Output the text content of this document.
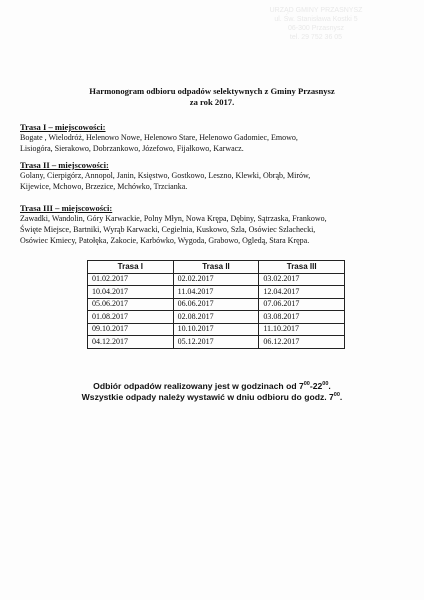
URZĄD GMINY PRZASNYSZ
ul. Św. Stanisława Kostki 5
06-300 Przasnysz
tel. 29 752 36 05
Harmonogram odbioru odpadów selektywnych z Gminy Przasnysz
za rok 2017.
Trasa I – miejscowości:
Bogate , Wielodróż, Helenowo Nowe, Helenowo Stare, Helenowo Gadomiec, Emowo,
Lisiogóra, Sierakowo, Dobrzankowo, Józefowo, Fijałkowo, Karwacz.
Trasa II – miejscowości:
Golany, Cierpigórz, Annopol, Janin, Księstwo, Gostkowo, Leszno, Klewki, Obrąb, Mirów,
Kijewice, Mchowo, Brzezice, Mchówko, Trzcianka.
Trasa III – miejscowości:
Zawadki, Wandolin, Góry Karwackie, Polny Młyn, Nowa Krępa, Dębiny, Sątrzaska, Frankowo,
Święte Miejsce, Bartniki, Wyrąb Karwacki, Cegielnia, Kuskowo, Szla, Osówiec Szlachecki,
Osówiec Kmiecy, Patołęka, Zakocie, Karbówko, Wygoda, Grabowo, Ogledą, Stara Krępa.
Trasa I	Trasa II	Trasa III
01.02.2017	02.02.2017	03.02.2017
10.04.2017	11.04.2017	12.04.2017
05.06.2017	06.06.2017	07.06.2017
01.08.2017	02.08.2017	03.08.2017
09.10.2017	10.10.2017	11.10.2017
04.12.2017	05.12.2017	06.12.2017
Odbiór odpadów realizowany jest w godzinach od $7^{00}-22^{00}$.
Wszystkie odpady należy wystawić w dniu odbioru do godz. $7^{00}$.
